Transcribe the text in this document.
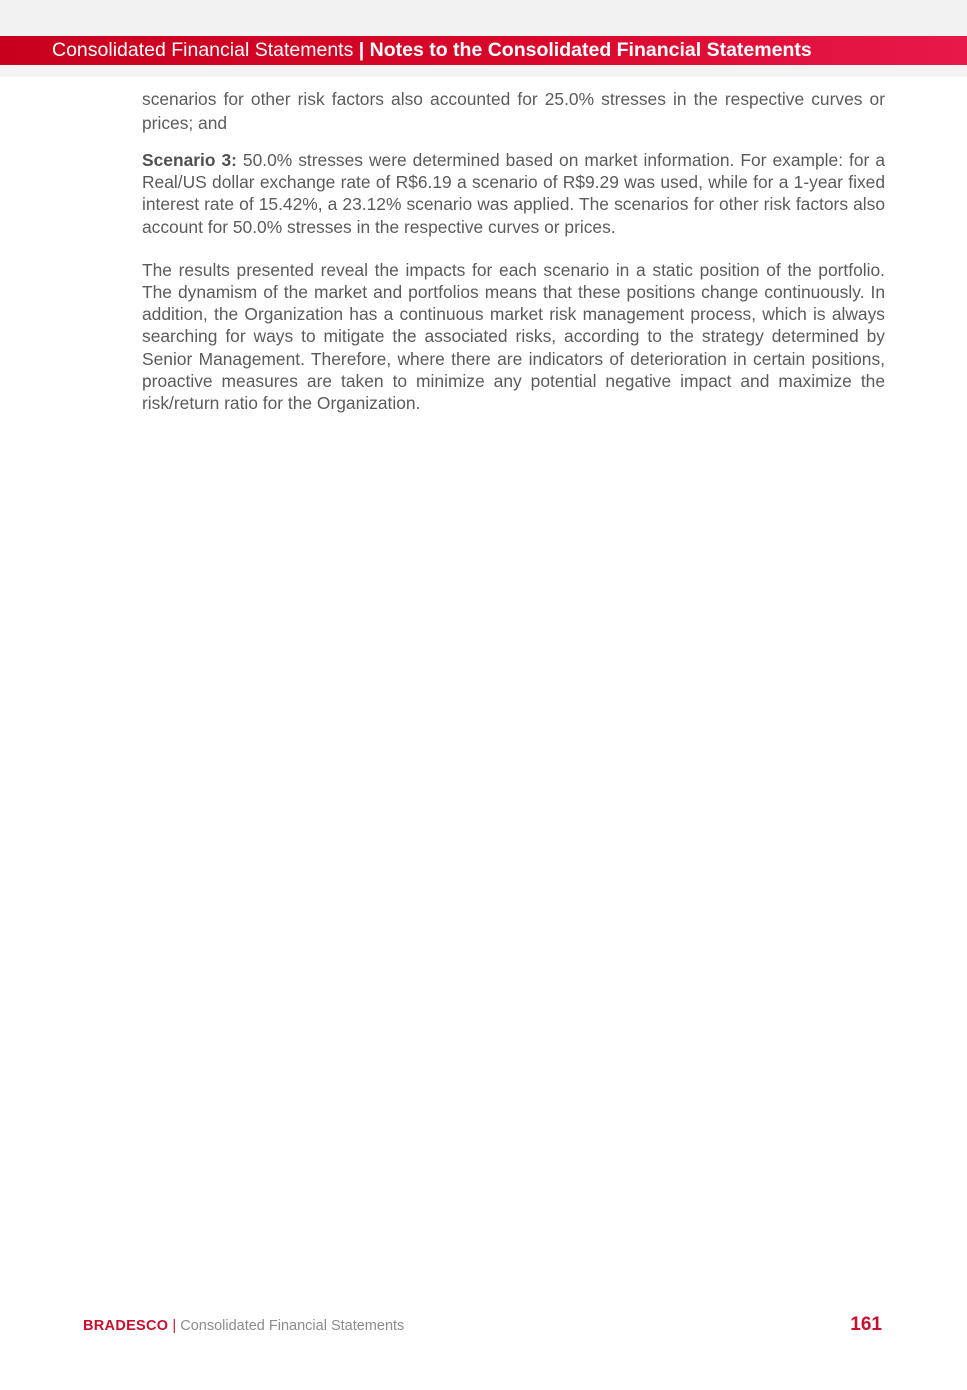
Consolidated Financial Statements | Notes to the Consolidated Financial Statements

scenarios for other risk factors also accounted for 25.0% stresses in the respective curves or prices; and

Scenario 3: 50.0% stresses were determined based on market information. For example: for a Real/US dollar exchange rate of R$6.19 a scenario of R$9.29 was used, while for a 1-year fixed interest rate of 15.42%, a 23.12% scenario was applied. The scenarios for other risk factors also account for 50.0% stresses in the respective curves or prices.

The results presented reveal the impacts for each scenario in a static position of the portfolio. The dynamism of the market and portfolios means that these positions change continuously. In addition, the Organization has a continuous market risk management process, which is always searching for ways to mitigate the associated risks, according to the strategy determined by Senior Management. Therefore, where there are indicators of deterioration in certain positions, proactive measures are taken to minimize any potential negative impact and maximize the risk/return ratio for the Organization.

BRADESCO | Consolidated Financial Statements	161
